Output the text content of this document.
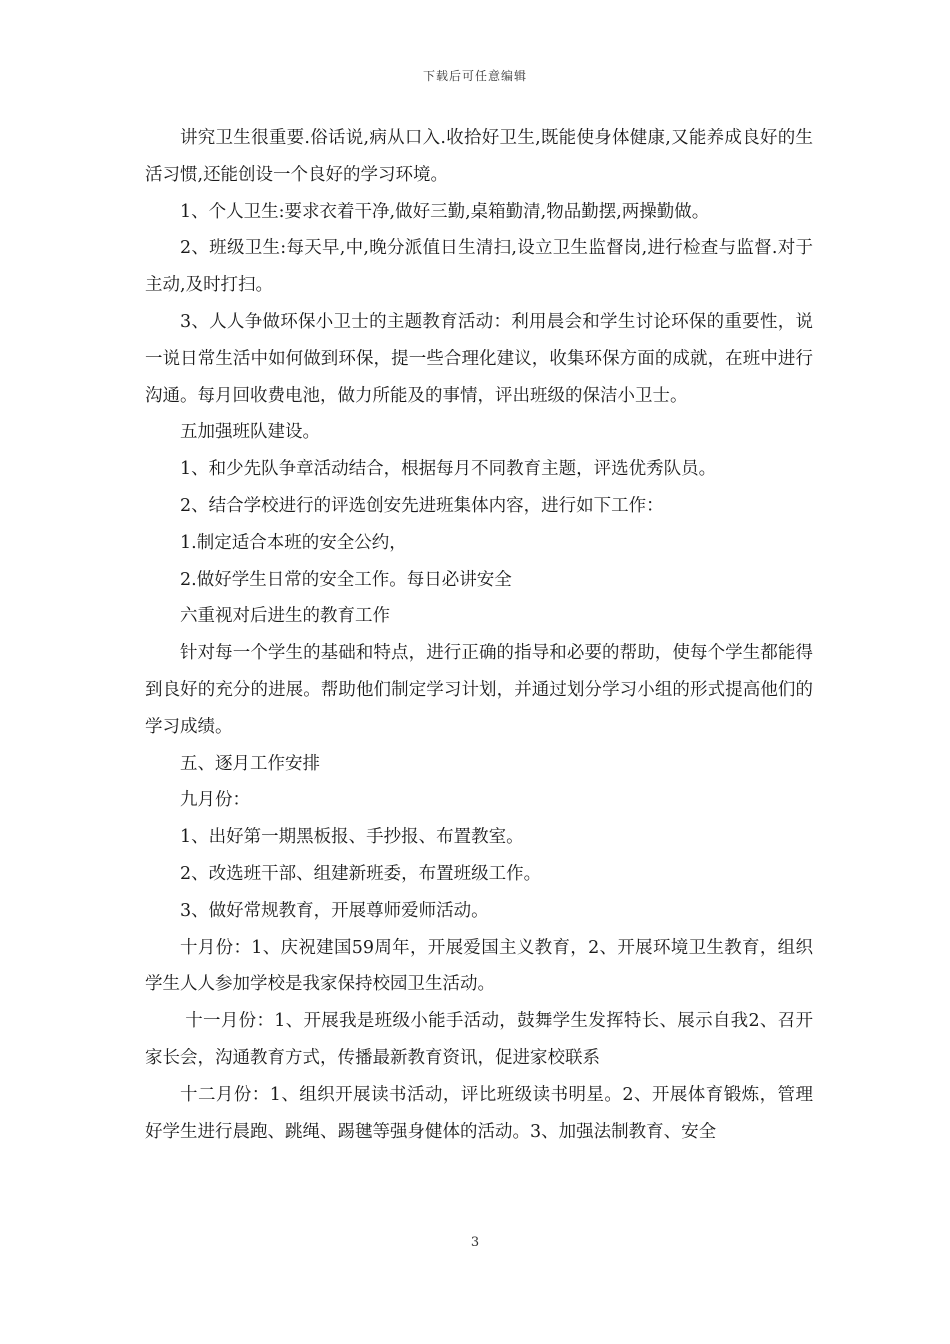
下载后可任意编辑

讲究卫生很重要.俗话说,病从口入.收拾好卫生,既能使身体健康,又能养成良好的生活习惯,还能创设一个良好的学习环境。

1、个人卫生:要求衣着干净,做好三勤,桌箱勤清,物品勤摆,两操勤做。

2、班级卫生:每天早,中,晚分派值日生清扫,设立卫生监督岗,进行检查与监督.对于主动,及时打扫。

3、人人争做环保小卫士的主题教育活动：利用晨会和学生讨论环保的重要性，说一说日常生活中如何做到环保，提一些合理化建议，收集环保方面的成就，在班中进行沟通。每月回收费电池，做力所能及的事情，评出班级的保洁小卫士。

五加强班队建设。

1、和少先队争章活动结合，根据每月不同教育主题，评选优秀队员。

2、结合学校进行的评选创安先进班集体内容，进行如下工作：

1.制定适合本班的安全公约，

2.做好学生日常的安全工作。每日必讲安全

六重视对后进生的教育工作

针对每一个学生的基础和特点，进行正确的指导和必要的帮助，使每个学生都能得到良好的充分的进展。帮助他们制定学习计划，并通过划分学习小组的形式提高他们的学习成绩。

五、逐月工作安排

九月份：

1、出好第一期黑板报、手抄报、布置教室。

2、改选班干部、组建新班委，布置班级工作。

3、做好常规教育，开展尊师爱师活动。

十月份：1、庆祝建国59周年，开展爱国主义教育，2、开展环境卫生教育，组织学生人人参加学校是我家保持校园卫生活动。

十一月份：1、开展我是班级小能手活动，鼓舞学生发挥特长、展示自我2、召开家长会，沟通教育方式，传播最新教育资讯，促进家校联系

十二月份：1、组织开展读书活动，评比班级读书明星。2、开展体育锻炼，管理好学生进行晨跑、跳绳、踢毽等强身健体的活动。3、加强法制教育、安全

3
